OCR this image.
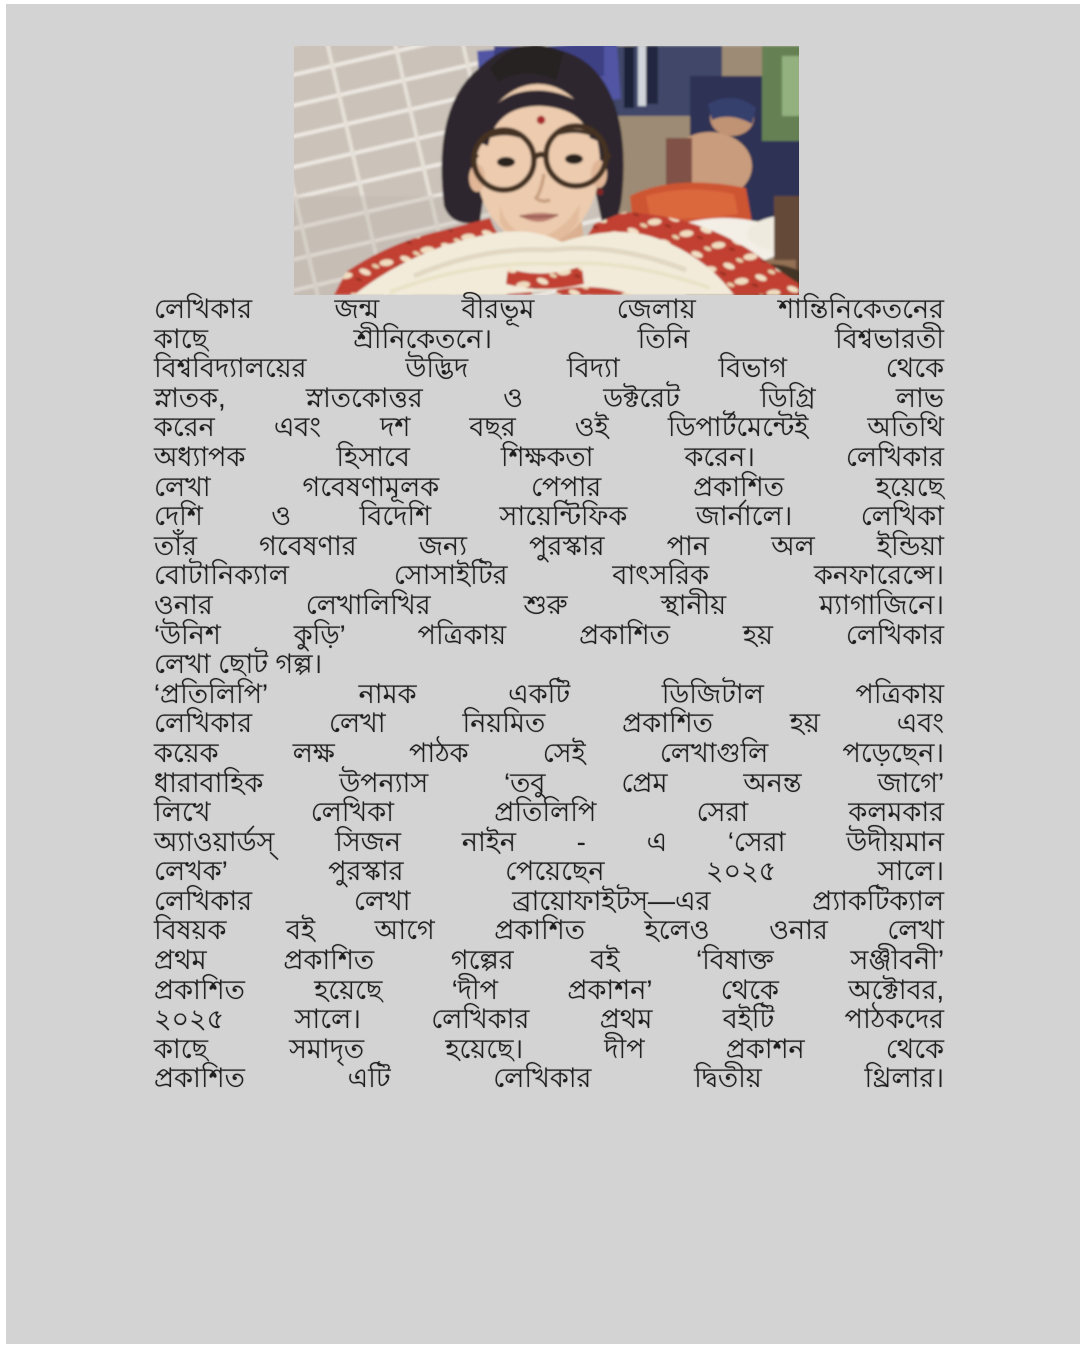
লেখিকার জন্ম বীরভূম জেলায় শান্তিনিকেতনের
কাছে শ্রীনিকেতনে। তিনি বিশ্বভারতী
বিশ্ববিদ্যালয়ের উদ্ভিদ বিদ্যা বিভাগ থেকে
স্নাতক, স্নাতকোত্তর ও ডক্টরেট ডিগ্রি লাভ
করেন এবং দশ বছর ওই ডিপার্টমেন্টেই অতিথি
অধ্যাপক হিসাবে শিক্ষকতা করেন। লেখিকার
লেখা গবেষণামূলক পেপার প্রকাশিত হয়েছে
দেশি ও বিদেশি সায়েন্টিফিক জার্নালে। লেখিকা
তাঁর গবেষণার জন্য পুরস্কার পান অল ইন্ডিয়া
বোটানিক্যাল সোসাইটির বাৎসরিক কনফারেন্সে।
ওনার লেখালিখির শুরু স্থানীয় ম্যাগাজিনে।
‘উনিশ কুড়ি’ পত্রিকায় প্রকাশিত হয় লেখিকার
লেখা ছোট গল্প।
‘প্রতিলিপি’ নামক একটি ডিজিটাল পত্রিকায়
লেখিকার লেখা নিয়মিত প্রকাশিত হয় এবং
কয়েক লক্ষ পাঠক সেই লেখাগুলি পড়েছেন।
ধারাবাহিক উপন্যাস ‘তবু প্রেম অনন্ত জাগে’
লিখে লেখিকা প্রতিলিপি সেরা কলমকার
অ্যাওয়ার্ডস্ সিজন নাইন - এ ‘সেরা উদীয়মান
লেখক’ পুরস্কার পেয়েছেন ২০২৫ সালে।
লেখিকার লেখা ব্রায়োফাইটস্—এর প্র্যাকটিক্যাল
বিষয়ক বই আগে প্রকাশিত হলেও ওনার লেখা
প্রথম প্রকাশিত গল্পের বই ‘বিষাক্ত সঞ্জীবনী’
প্রকাশিত হয়েছে ‘দীপ প্রকাশন’ থেকে অক্টোবর,
২০২৫ সালে। লেখিকার প্রথম বইটি পাঠকদের
কাছে সমাদৃত হয়েছে। দীপ প্রকাশন থেকে
প্রকাশিত এটি লেখিকার দ্বিতীয় থ্রিলার।
